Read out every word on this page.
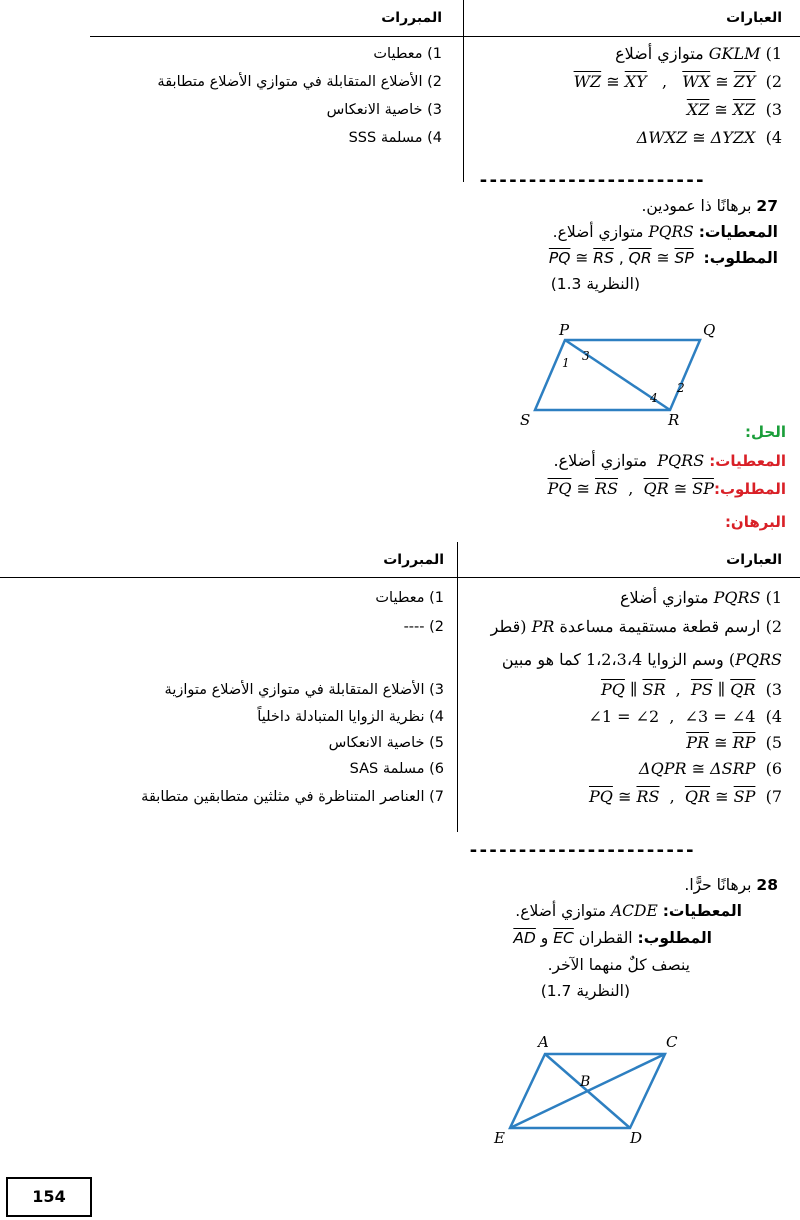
العبارات
المبررات
1) GKLM متوازي أضلاع
$\overline{WZ}$ ≅ $\overline{XY}$   ,   $\overline{WX}$ ≅ $\overline{ZY}$  (2
$\overline{XZ}$ ≅ $\overline{XZ}$  (3
ΔWXZ ≅ ΔYZX  (4
1) معطيات
2) الأضلاع المتقابلة في متوازي الأضلاع متطابقة
3) خاصية الانعكاس
4) مسلمة SSS
-----------------------
27 برهانًا ذا عمودين.
المعطيات: PQRS متوازي أضلاع.
المطلوب:  $\overline{PQ}$ ≅ $\overline{RS}$ , $\overline{QR}$ ≅ $\overline{SP}$
(النظرية 1.3)
P	Q
R
S
1 3
2
4
الحل:
المعطيات: PQRS  متوازي أضلاع.
$المطلوب:\overline{PQ}$ ≅ $\overline{RS}$  ,  $\overline{QR}$ ≅ $\overline{SP}$
البرهان:
العبارات
المبررات
1) PQRS متوازي أضلاع
2) ارسم قطعة مستقيمة مساعدة PR (قطر
PQRS) وسم الزوايا 1،2،3،4 كما هو مبين
$\overline{PQ}$ ∥ $\overline{SR}$  ,  $\overline{PS}$ ∥ $\overline{QR}$  (3
∠1 = ∠2  ,  ∠3 = ∠4  (4
$\overline{PR}$ ≅ $\overline{RP}$  (5
ΔQPR ≅ ΔSRP  (6
$\overline{PQ}$ ≅ $\overline{RS}$  ,  $\overline{QR}$ ≅ $\overline{SP}$  (7
1) معطيات
2) ----
3) الأضلاع المتقابلة في متوازي الأضلاع متوازية
4) نظرية الزوايا المتبادلة داخلياً
5) خاصية الانعكاس
6) مسلمة SAS
7) العناصر المتناظرة في مثلثين متطابقين متطابقة
-----------------------
28 برهانًا حرًّا.
المعطيات: ACDE متوازي أضلاع.
المطلوب: القطران EC و AD
ينصف كلٌ منهما الآخر.
(النظرية 1.7)
A	C
D
E
B
154
